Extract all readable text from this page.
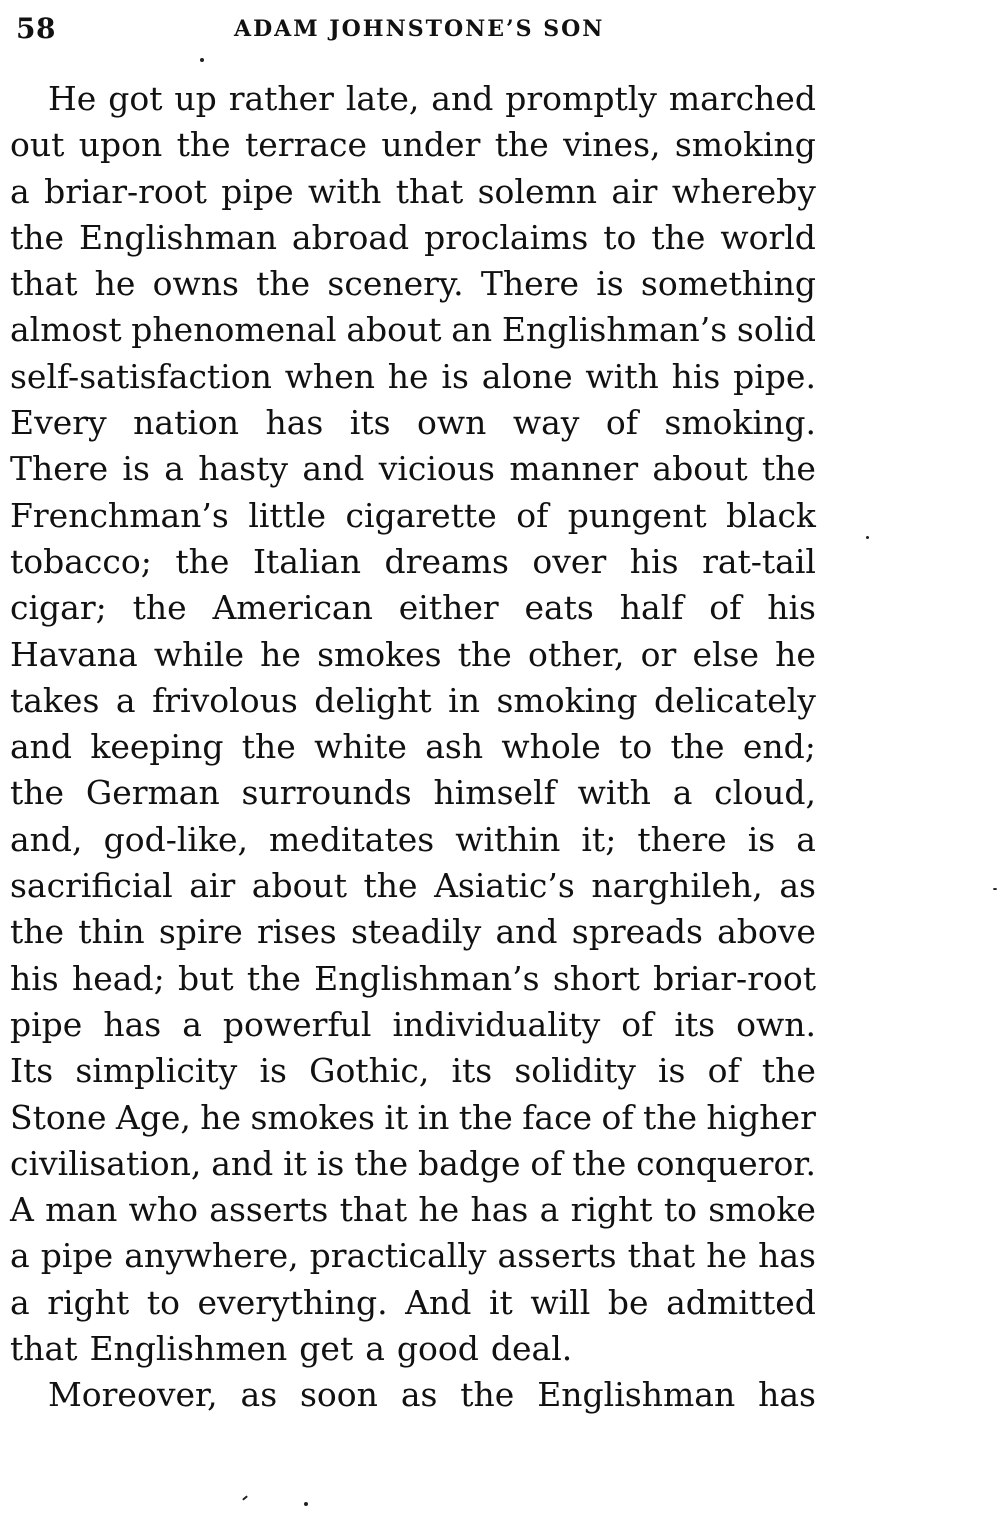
58	ADAM JOHNSTONE’S SON
He got up rather late, and promptly marched
out upon the terrace under the vines, smoking
a briar-root pipe with that solemn air whereby
the Englishman abroad proclaims to the world
that he owns the scenery. There is something
almost phenomenal about an Englishman’s solid
self-satisfaction when he is alone with his pipe.
Every nation has its own way of smoking.
There is a hasty and vicious manner about the
Frenchman’s little cigarette of pungent black
tobacco; the Italian dreams over his rat-tail
cigar; the American either eats half of his
Havana while he smokes the other, or else he
takes a frivolous delight in smoking delicately
and keeping the white ash whole to the end;
the German surrounds himself with a cloud,
and, god-like, meditates within it; there is a
sacrificial air about the Asiatic’s narghileh, as
the thin spire rises steadily and spreads above
his head; but the Englishman’s short briar-root
pipe has a powerful individuality of its own.
Its simplicity is Gothic, its solidity is of the
Stone Age, he smokes it in the face of the higher
civilisation, and it is the badge of the conqueror.
A man who asserts that he has a right to smoke
a pipe anywhere, practically asserts that he has
a right to everything. And it will be admitted
that Englishmen get a good deal.
Moreover, as soon as the Englishman has
